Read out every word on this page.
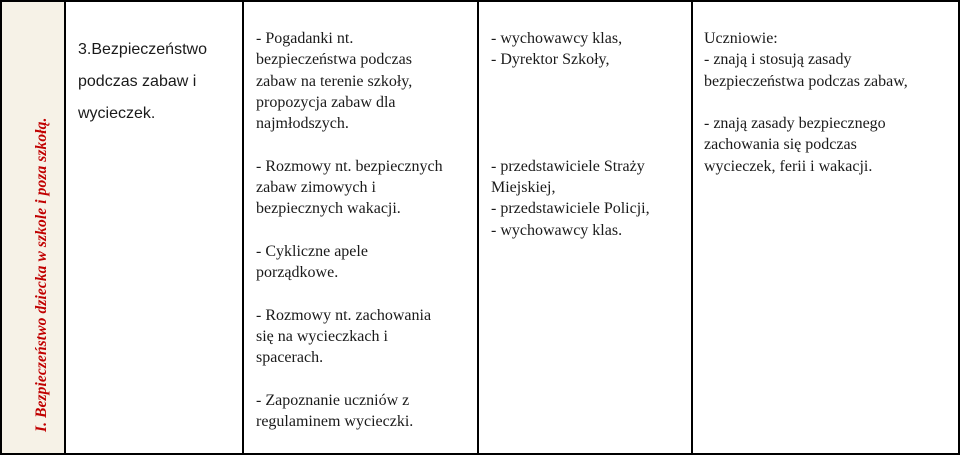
I. Bezpieczeństwo dziecka w szkole i poza szkołą.
3.Bezpieczeństwo
podczas zabaw i
wycieczek.
- Pogadanki nt.
bezpieczeństwa podczas
zabaw na terenie szkoły,
propozycja zabaw dla
najmłodszych.
- Rozmowy nt. bezpiecznych
zabaw zimowych i
bezpiecznych wakacji.
- Cykliczne apele
porządkowe.
- Rozmowy nt. zachowania
się na wycieczkach i
spacerach.
- Zapoznanie uczniów z
regulaminem wycieczki.
- wychowawcy klas,
- Dyrektor Szkoły,
- przedstawiciele Straży
Miejskiej,
- przedstawiciele Policji,
- wychowawcy klas.
Uczniowie:
- znają i stosują zasady
bezpieczeństwa podczas zabaw,
- znają zasady bezpiecznego
zachowania się podczas
wycieczek, ferii i wakacji.
